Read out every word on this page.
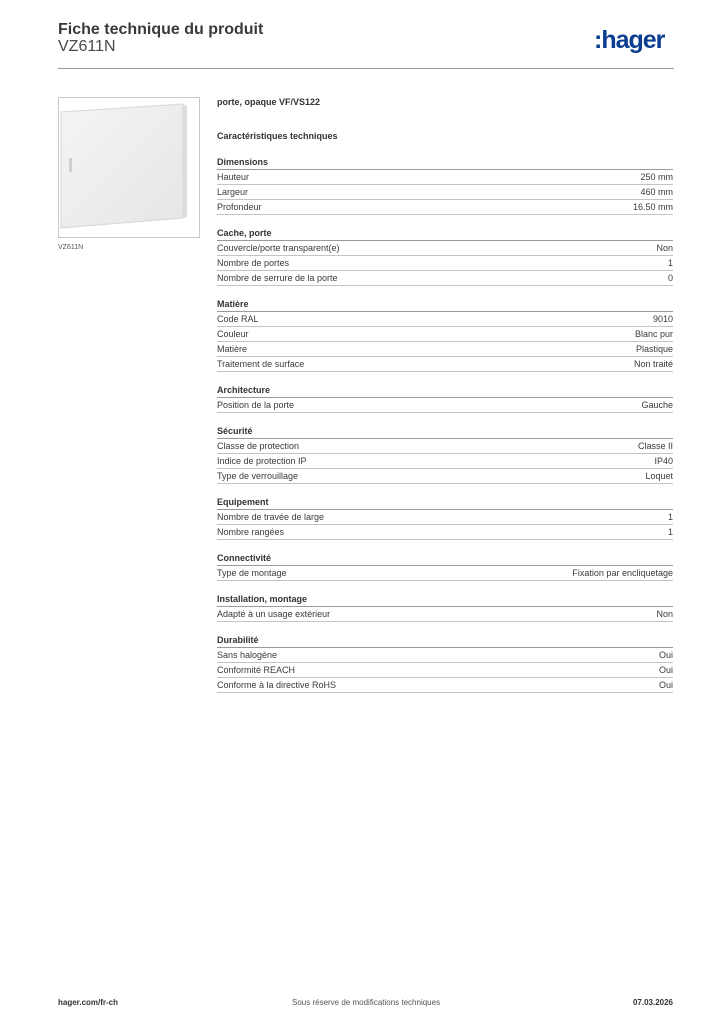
Fiche technique du produit
VZ611N	:hager
VZ611N
porte, opaque VF/VS122
Caractéristiques techniques
Dimensions
Hauteur	250 mm
Largeur	460 mm
Profondeur	16.50 mm
Cache, porte
Couvercle/porte transparent(e)	Non
Nombre de portes	1
Nombre de serrure de la porte	0
Matière
Code RAL	9010
Couleur	Blanc pur
Matière	Plastique
Traitement de surface	Non traité
Architecture
Position de la porte	Gauche
Sécurité
Classe de protection	Classe II
Indice de protection IP	IP40
Type de verrouillage	Loquet
Equipement
Nombre de travée de large	1
Nombre rangées	1
Connectivité
Type de montage	Fixation par encliquetage
Installation, montage
Adapté à un usage extérieur	Non
Durabilité
Sans halogène	Oui
Conformité REACH	Oui
Conforme à la directive RoHS	Oui
hager.com/fr-ch	Sous réserve de modifications techniques	07.03.2026
